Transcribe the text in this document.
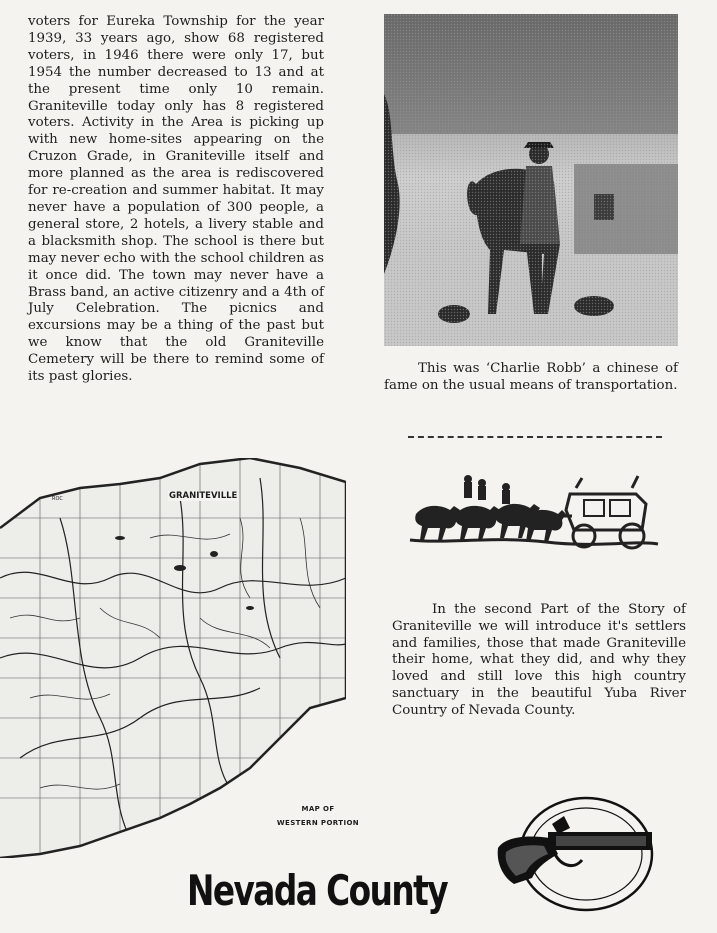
voters for Eureka Township for the year 1939, 33 years ago, show 68 registered voters, in 1946 there were only 17, but 1954 the number decreased to 13 and at the present time only 10 remain. Graniteville today only has 8 registered voters. Activity in the Area is picking up with new home-sites appearing on the Cruzon Grade, in Graniteville itself and more planned as the area is rediscovered for re-creation and summer habitat. It may never have a population of 300 people, a general store, 2 hotels, a livery stable and a blacksmith shop. The school is there but may never echo with the school children as it once did. The town may never have a Brass band, an active citizenry and a 4th of July Celebration. The picnics and excursions may be a thing of the past but we know that the old Graniteville Cemetery will be there to remind some of its past glories.
This was ‘Charlie Robb’ a chinese of fame on the usual means of transportation.
In the second Part of the Story of Graniteville we will introduce it's settlers and families, those that made Graniteville their home, what they did, and why they loved and still love this high country sanctuary in the beautiful Yuba River Country of Nevada County.
GRANITEVILLE
ROC
MAP OF
WESTERN PORTION
Nevada County
